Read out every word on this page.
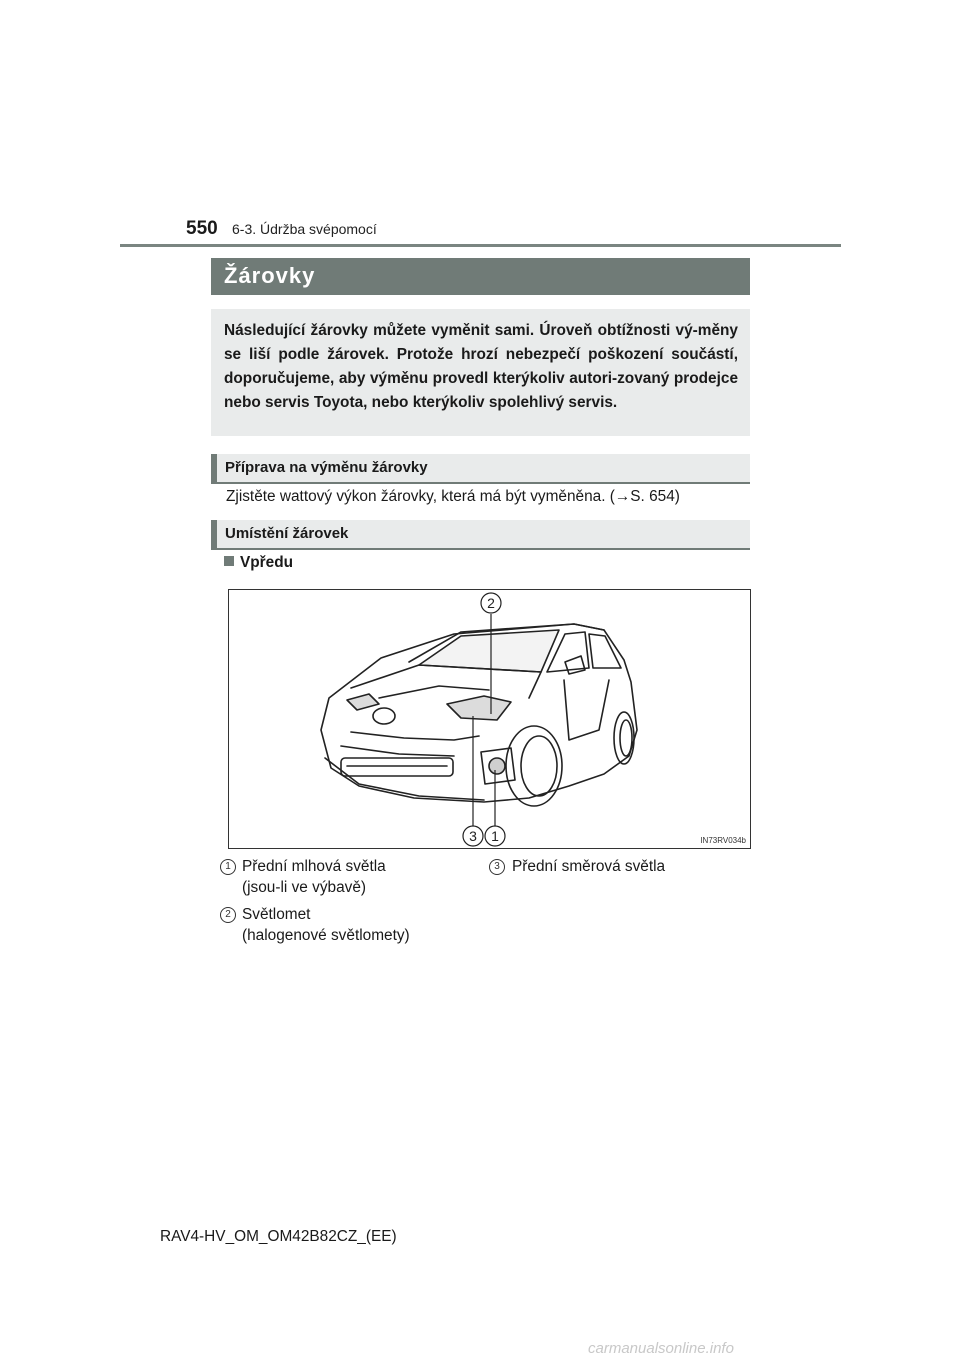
550 6-3. Údržba svépomocí
Žárovky
Následující žárovky můžete vyměnit sami. Úroveň obtížnosti vý-měny se liší podle žárovek. Protože hrozí nebezpečí poškození součástí, doporučujeme, aby výměnu provedl kterýkoliv autori-zovaný prodejce nebo servis Toyota, nebo kterýkoliv spolehlivý servis.
Příprava na výměnu žárovky
Zjistěte wattový výkon žárovky, která má být vyměněna. (→S. 654)
Umístění žárovek
Vpředu
2
3 1	IN73RV034b
1 Přední mlhová světla
(jsou-li ve výbavě)
2 Světlomet
(halogenové světlomety)
3 Přední směrová světla
RAV4-HV_OM_OM42B82CZ_(EE)
carmanualsonline.info
